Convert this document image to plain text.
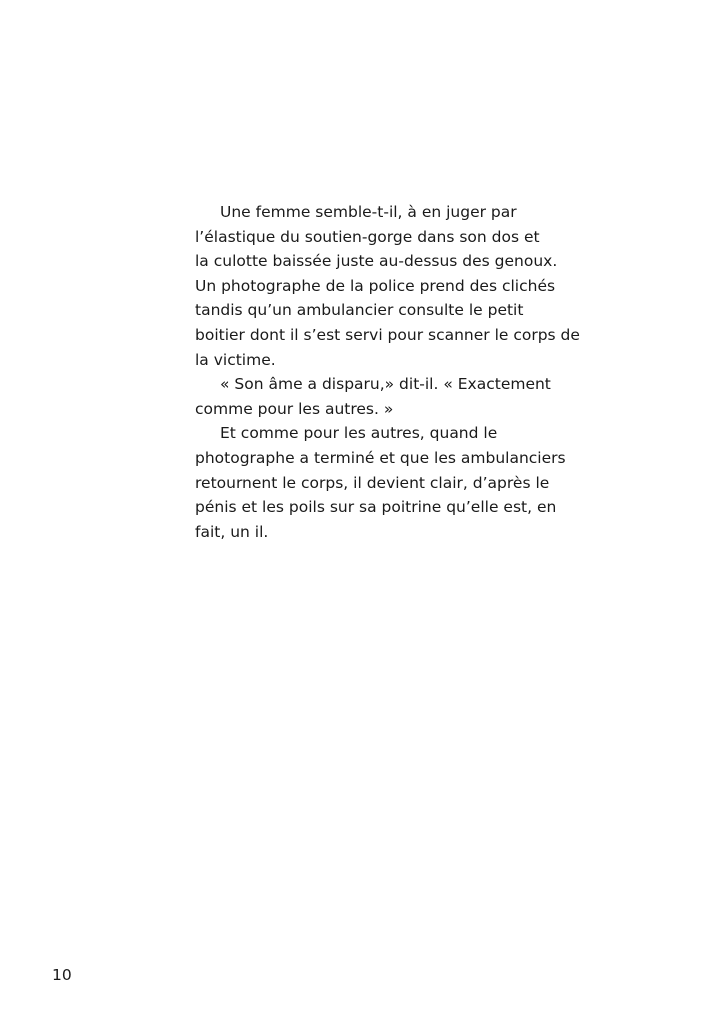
Une femme semble-t-il, à en juger par
l’élastique du soutien-gorge dans son dos et
la culotte baissée juste au-dessus des genoux.
Un photographe de la police prend des clichés
tandis qu’un ambulancier consulte le petit
boitier dont il s’est servi pour scanner le corps de
la victime.
« Son âme a disparu,» dit-il. « Exactement
comme pour les autres. »
Et comme pour les autres, quand le
photographe a terminé et que les ambulanciers
retournent le corps, il devient clair, d’après le
pénis et les poils sur sa poitrine qu’elle est, en
fait, un il.
10
